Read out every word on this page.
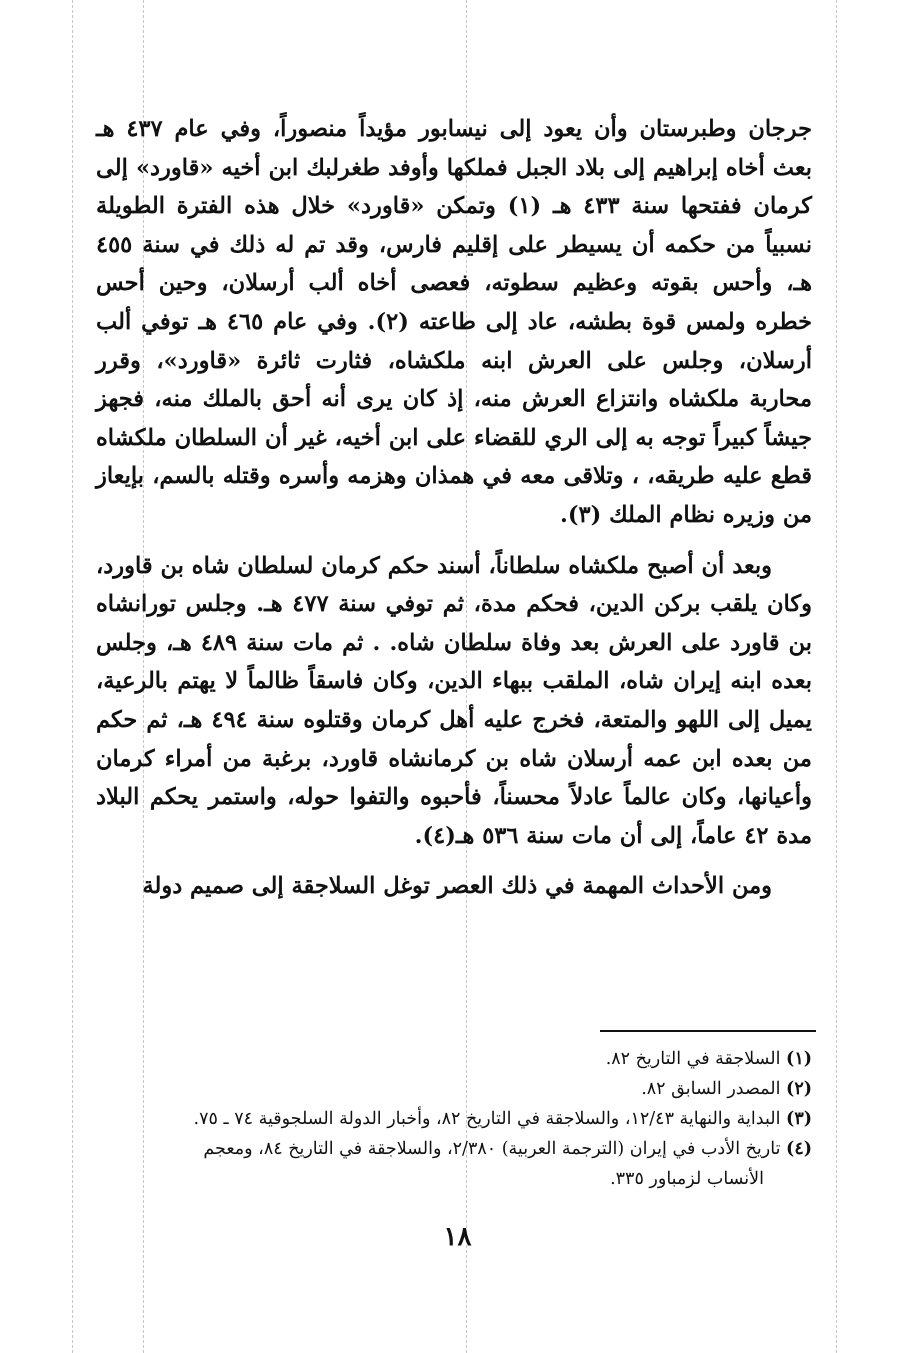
جرجان وطبرستان وأن يعود إلى نيسابور مؤيداً منصوراً، وفي عام ٤٣٧ هـ بعث أخاه إبراهيم إلى بلاد الجبل فملكها وأوفد طغرلبك ابن أخيه «قاورد» إلى كرمان ففتحها سنة ٤٣٣ هـ (١) وتمكن «قاورد» خلال هذه الفترة الطويلة نسبياً من حكمه أن يسيطر على إقليم فارس، وقد تم له ذلك في سنة ٤٥٥ هـ، وأحس بقوته وعظيم سطوته، فعصى أخاه ألب أرسلان، وحين أحس خطره ولمس قوة بطشه، عاد إلى طاعته (٢). وفي عام ٤٦٥ هـ توفي ألب أرسلان، وجلس على العرش ابنه ملكشاه، فثارت ثائرة «قاورد»، وقرر محاربة ملكشاه وانتزاع العرش منه، إذ كان يرى أنه أحق بالملك منه، فجهز جيشاً كبيراً توجه به إلى الري للقضاء على ابن أخيه، غير أن السلطان ملكشاه قطع عليه طريقه، ، وتلاقى معه في همذان وهزمه وأسره وقتله بالسم، بإيعاز من وزيره نظام الملك (٣).

وبعد أن أصبح ملكشاه سلطاناً، أسند حكم كرمان لسلطان شاه بن قاورد، وكان يلقب بركن الدين، فحكم مدة، ثم توفي سنة ٤٧٧ هـ. وجلس تورانشاه بن قاورد على العرش بعد وفاة سلطان شاه. . ثم مات سنة ٤٨٩ هـ، وجلس بعده ابنه إيران شاه، الملقب ببهاء الدين، وكان فاسقاً ظالماً لا يهتم بالرعية، يميل إلى اللهو والمتعة، فخرج عليه أهل كرمان وقتلوه سنة ٤٩٤ هـ، ثم حكم من بعده ابن عمه أرسلان شاه بن كرمانشاه قاورد، برغبة من أمراء كرمان وأعيانها، وكان عالماً عادلاً محسناً، فأحبوه والتفوا حوله، واستمر يحكم البلاد مدة ٤٢ عاماً، إلى أن مات سنة ٥٣٦ هـ(٤).

ومن الأحداث المهمة في ذلك العصر توغل السلاجقة إلى صميم دولة

(١) السلاجقة في التاريخ ٨٢.

(٢) المصدر السابق ٨٢.

(٣) البداية والنهاية ١٢/٤٣، والسلاجقة في التاريخ ٨٢، وأخبار الدولة السلجوقية ٧٤ ـ ٧٥.

(٤) تاريخ الأدب في إيران (الترجمة العربية) ٢/٣٨٠، والسلاجقة في التاريخ ٨٤، ومعجم

الأنساب لزمباور ٣٣٥.

١٨
